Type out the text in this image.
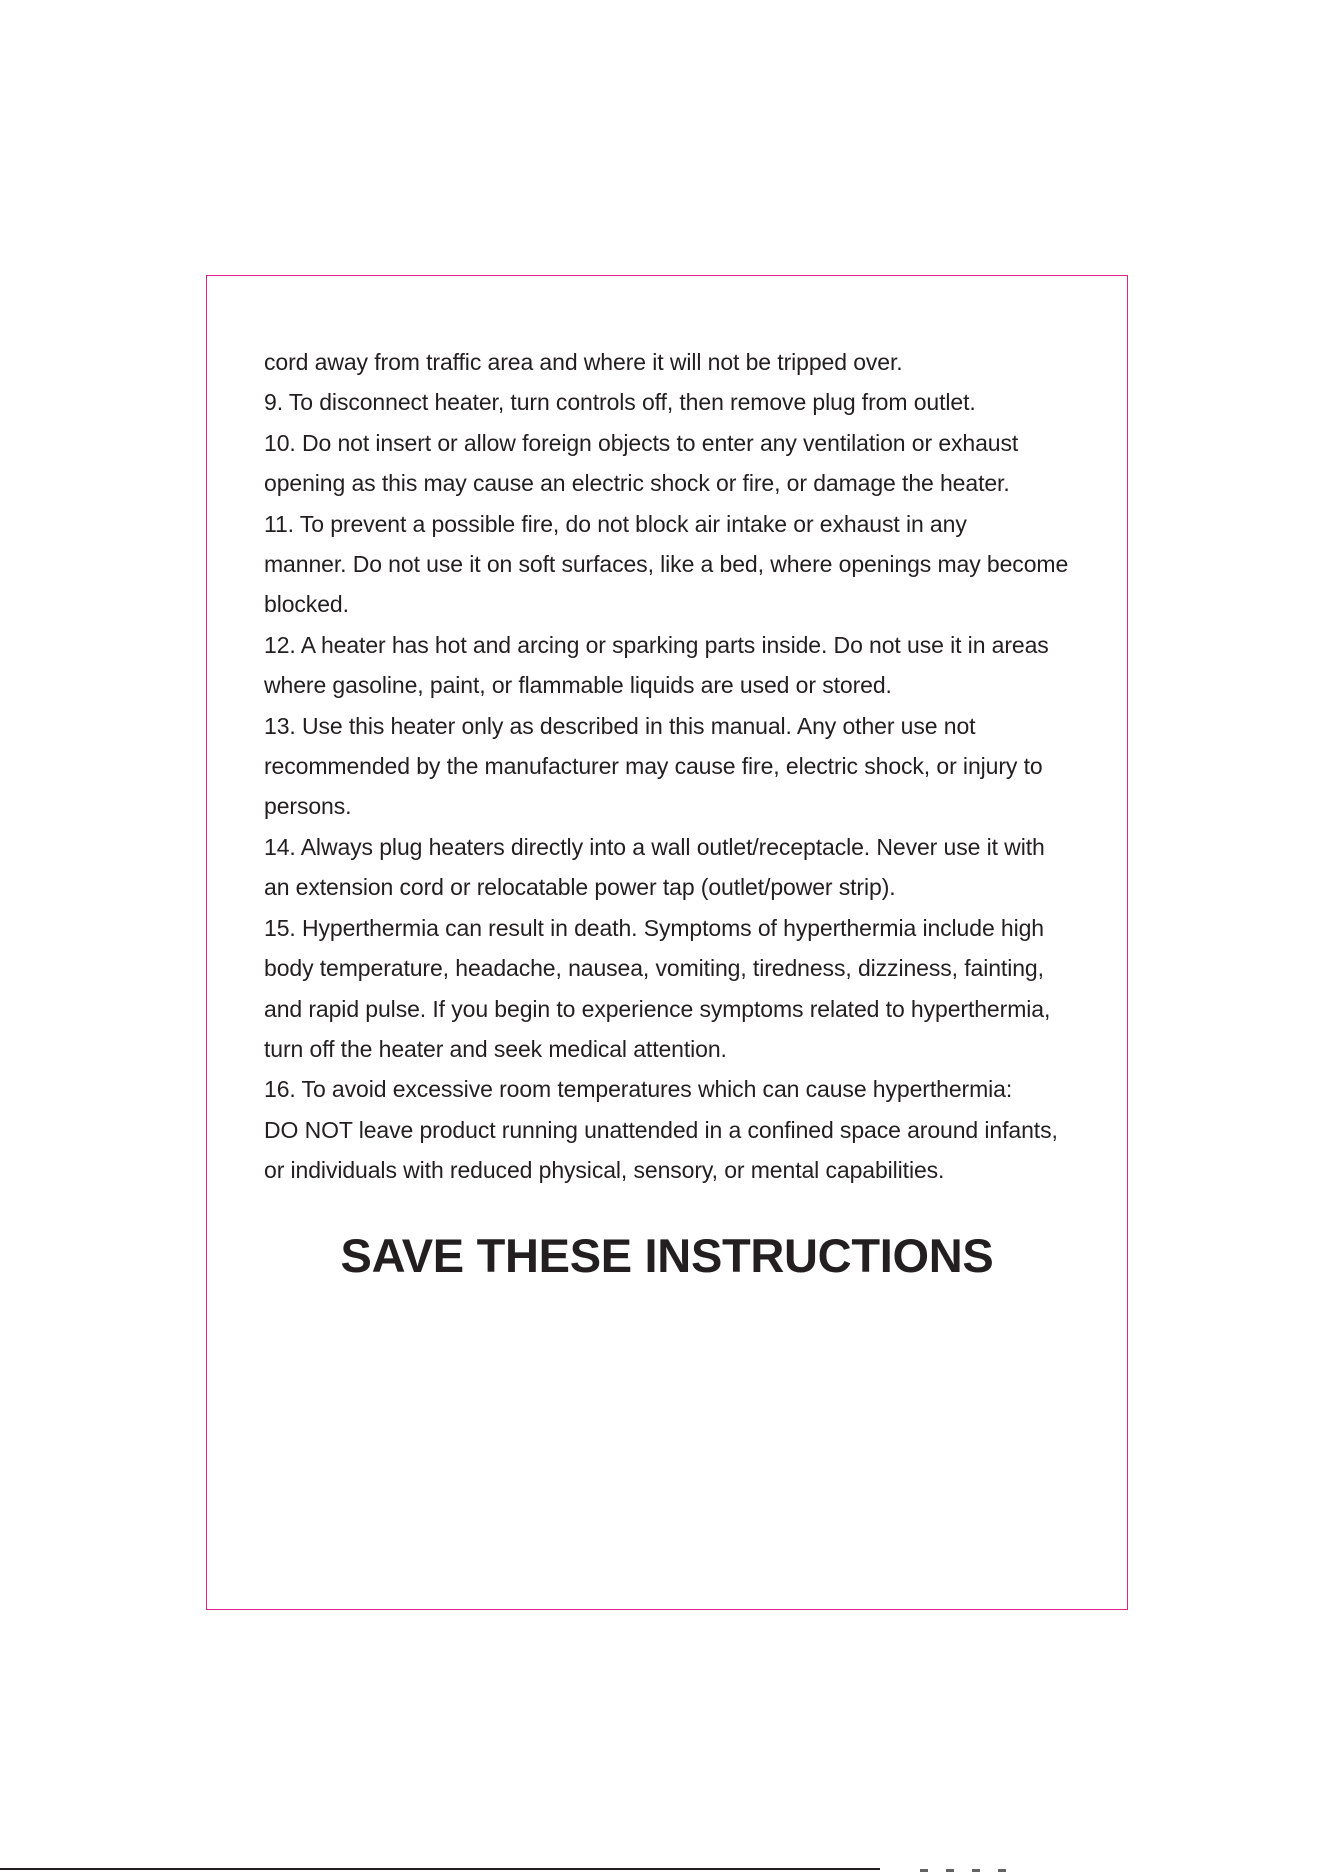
cord away from traffic area and where it will not be tripped over.
9. To disconnect heater, turn controls off, then remove plug from outlet.
10. Do not insert or allow foreign objects to enter any ventilation or exhaust
opening as this may cause an electric shock or fire, or damage the heater.
11. To prevent a possible fire, do not block air intake or exhaust in any
manner. Do not use it on soft surfaces, like a bed, where openings may become
blocked.
12. A heater has hot and arcing or sparking parts inside. Do not use it in areas
where gasoline, paint, or flammable liquids are used or stored.
13. Use this heater only as described in this manual. Any other use not
recommended by the manufacturer may cause fire, electric shock, or injury to
persons.
14. Always plug heaters directly into a wall outlet/receptacle. Never use it with
an extension cord or relocatable power tap (outlet/power strip).
15. Hyperthermia can result in death. Symptoms of hyperthermia include high
body temperature, headache, nausea, vomiting, tiredness, dizziness, fainting,
and rapid pulse. If you begin to experience symptoms related to hyperthermia,
turn off the heater and seek medical attention.
16. To avoid excessive room temperatures which can cause hyperthermia:
DO NOT leave product running unattended in a confined space around infants,
or individuals with reduced physical, sensory, or mental capabilities.
SAVE THESE INSTRUCTIONS
